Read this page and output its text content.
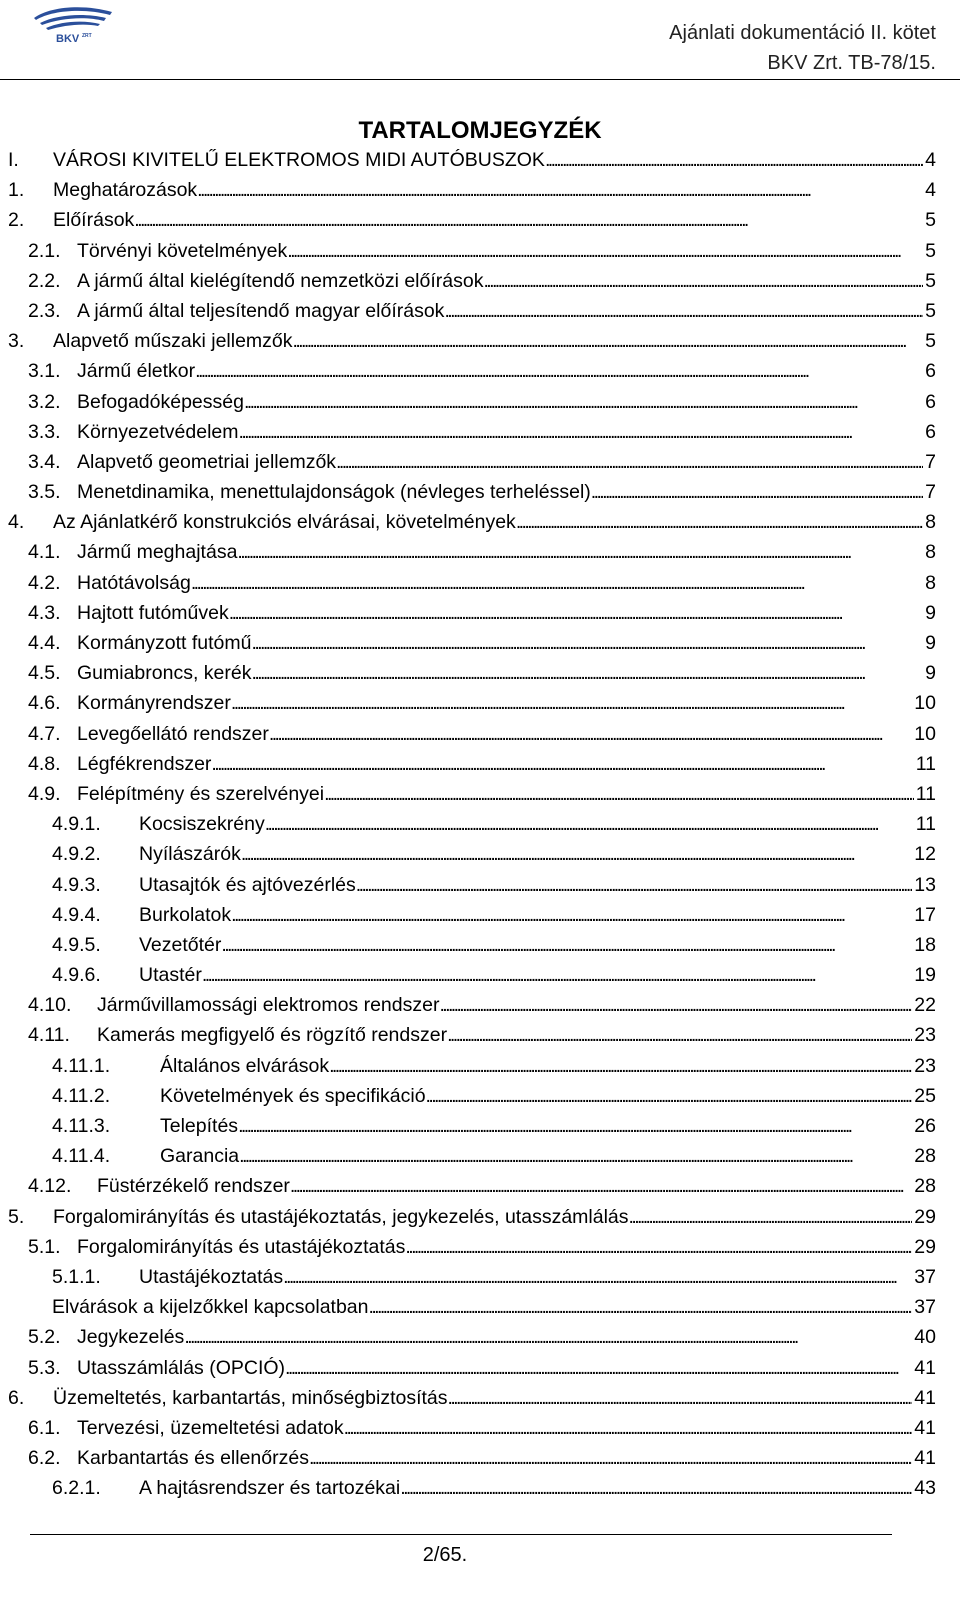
BKV ZRT	Ajánlati dokumentáció II. kötet
BKV Zrt. TB-78/15.
TARTALOMJEGYZÉK
I. VÁROSI KIVITELŰ ELEKTROMOS MIDI AUTÓBUSZOK . . .	4
1. Meghatározások . . .	4
2. Előírások . . .	5
2.1. Törvényi követelmények . . .	5
2.2. A jármű által kielégítendő nemzetközi előírások . . .	5
2.3. A jármű által teljesítendő magyar előírások . . .	5
3. Alapvető műszaki jellemzők . . .	5
3.1. Jármű életkor . . .	6
3.2. Befogadóképesség . . .	6
3.3. Környezetvédelem . . .	6
3.4. Alapvető geometriai jellemzők . . .	7
3.5. Menetdinamika, menettulajdonságok (névleges terheléssel) . . .	7
4. Az Ajánlatkérő konstrukciós elvárásai, követelmények . . .	8
4.1. Jármű meghajtása . . .	8
4.2. Hatótávolság . . .	8
4.3. Hajtott futóművek . . .	9
4.4. Kormányzott futómű . . .	9
4.5. Gumiabroncs, kerék . . .	9
4.6. Kormányrendszer . . .	10
4.7. Levegőellátó rendszer . . .	10
4.8. Légfékrendszer . . .	11
4.9. Felépítmény és szerelvényei . . .	11
4.9.1. Kocsiszekrény . . .	11
4.9.2. Nyílászárók . . .	12
4.9.3. Utasajtók és ajtóvezérlés . . .	13
4.9.4. Burkolatok . . .	17
4.9.5. Vezetőtér . . .	18
4.9.6. Utastér . . .	19
4.10. Járművillamossági elektromos rendszer . . .	22
4.11. Kamerás megfigyelő és rögzítő rendszer . . .	23
4.11.1.	Általános elvárások . . .	23
4.11.2.	Követelmények és specifikáció . . .	25
4.11.3.	Telepítés . . .	26
4.11.4.	Garancia . . .	28
4.12. Füstérzékelő rendszer . . .	28
5. Forgalomirányítás és utastájékoztatás, jegykezelés, utasszámlálás . . .	29
5.1. Forgalomirányítás és utastájékoztatás . . .	29
5.1.1. Utastájékoztatás . . .	37
Elvárások a kijelzőkkel kapcsolatban . . .	37
5.2. Jegykezelés . . .	40
5.3. Utasszámlálás (OPCIÓ) . . .	41
6. Üzemeltetés, karbantartás, minőségbiztosítás . . .	41
6.1. Tervezési, üzemeltetési adatok . . .	41
6.2. Karbantartás és ellenőrzés . . .	41
6.2.1. A hajtásrendszer és tartozékai . . .	43
2/65.
